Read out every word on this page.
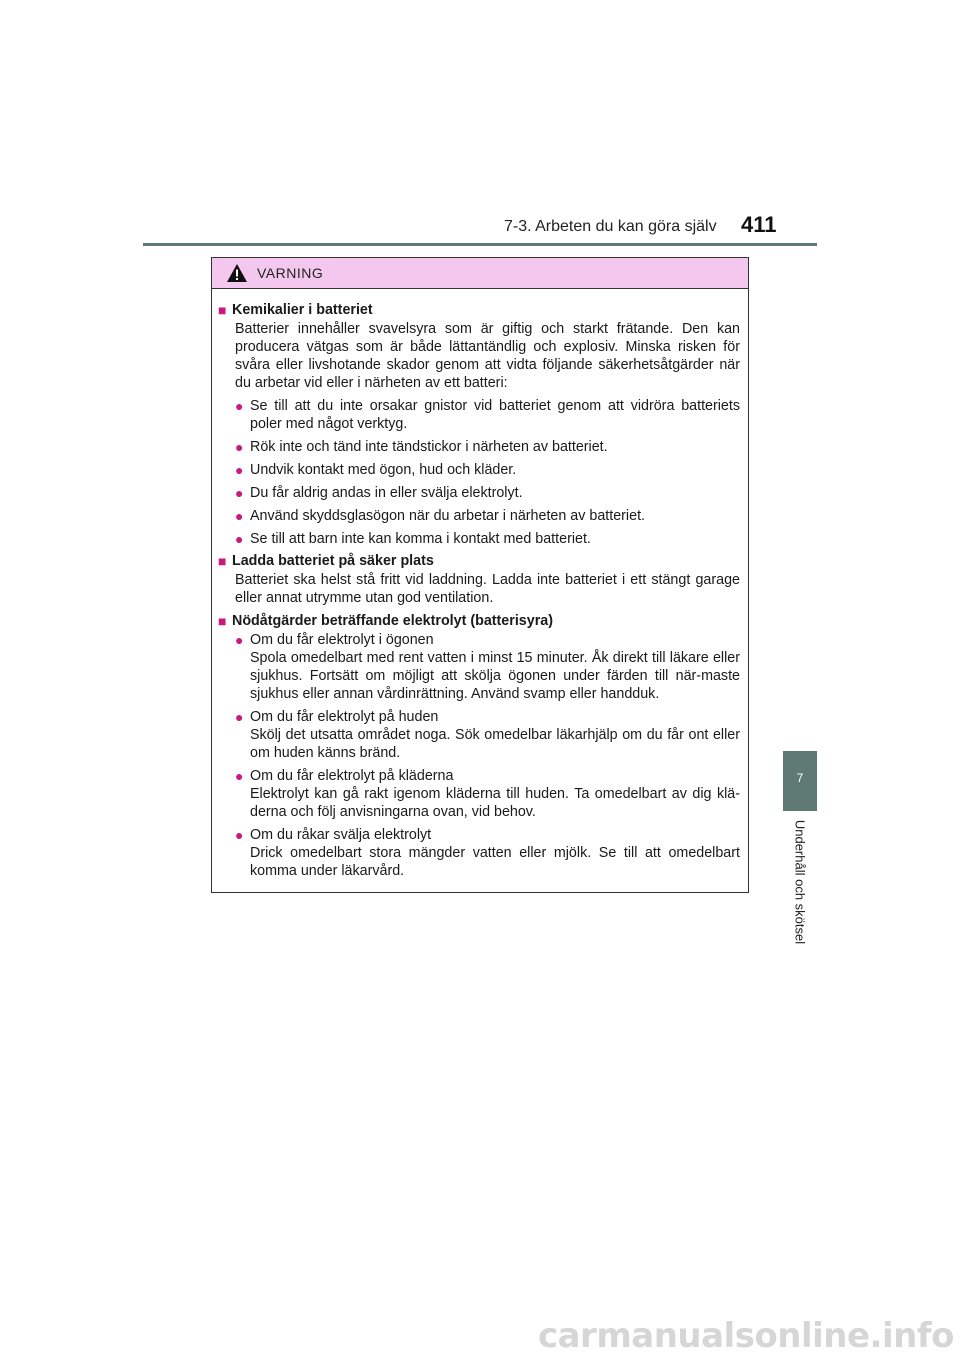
7-3. Arbeten du kan göra själv 411
7
Underhåll och skötsel
VARNING
■ Kemikalier i batteriet
Batterier innehåller svavelsyra som är giftig och starkt frätande. Den kan producera vätgas som är både lättantändlig och explosiv. Minska risken för svåra eller livshotande skador genom att vidta följande säkerhetsåtgärder när du arbetar vid eller i närheten av ett batteri:
● Se till att du inte orsakar gnistor vid batteriet genom att vidröra batteriets poler med något verktyg.
● Rök inte och tänd inte tändstickor i närheten av batteriet.
● Undvik kontakt med ögon, hud och kläder.
● Du får aldrig andas in eller svälja elektrolyt.
● Använd skyddsglasögon när du arbetar i närheten av batteriet.
● Se till att barn inte kan komma i kontakt med batteriet.
■ Ladda batteriet på säker plats
Batteriet ska helst stå fritt vid laddning. Ladda inte batteriet i ett stängt garage eller annat utrymme utan god ventilation.
■ Nödåtgärder beträffande elektrolyt (batterisyra)
● Om du får elektrolyt i ögonen
Spola omedelbart med rent vatten i minst 15 minuter. Åk direkt till läkare eller sjukhus. Fortsätt om möjligt att skölja ögonen under färden till när-maste sjukhus eller annan vårdinrättning. Använd svamp eller handduk.
● Om du får elektrolyt på huden
Skölj det utsatta området noga. Sök omedelbar läkarhjälp om du får ont eller om huden känns bränd.
● Om du får elektrolyt på kläderna
Elektrolyt kan gå rakt igenom kläderna till huden. Ta omedelbart av dig klä-derna och följ anvisningarna ovan, vid behov.
● Om du råkar svälja elektrolyt
Drick omedelbart stora mängder vatten eller mjölk. Se till att omedelbart komma under läkarvård.
carmanualsonline.info
